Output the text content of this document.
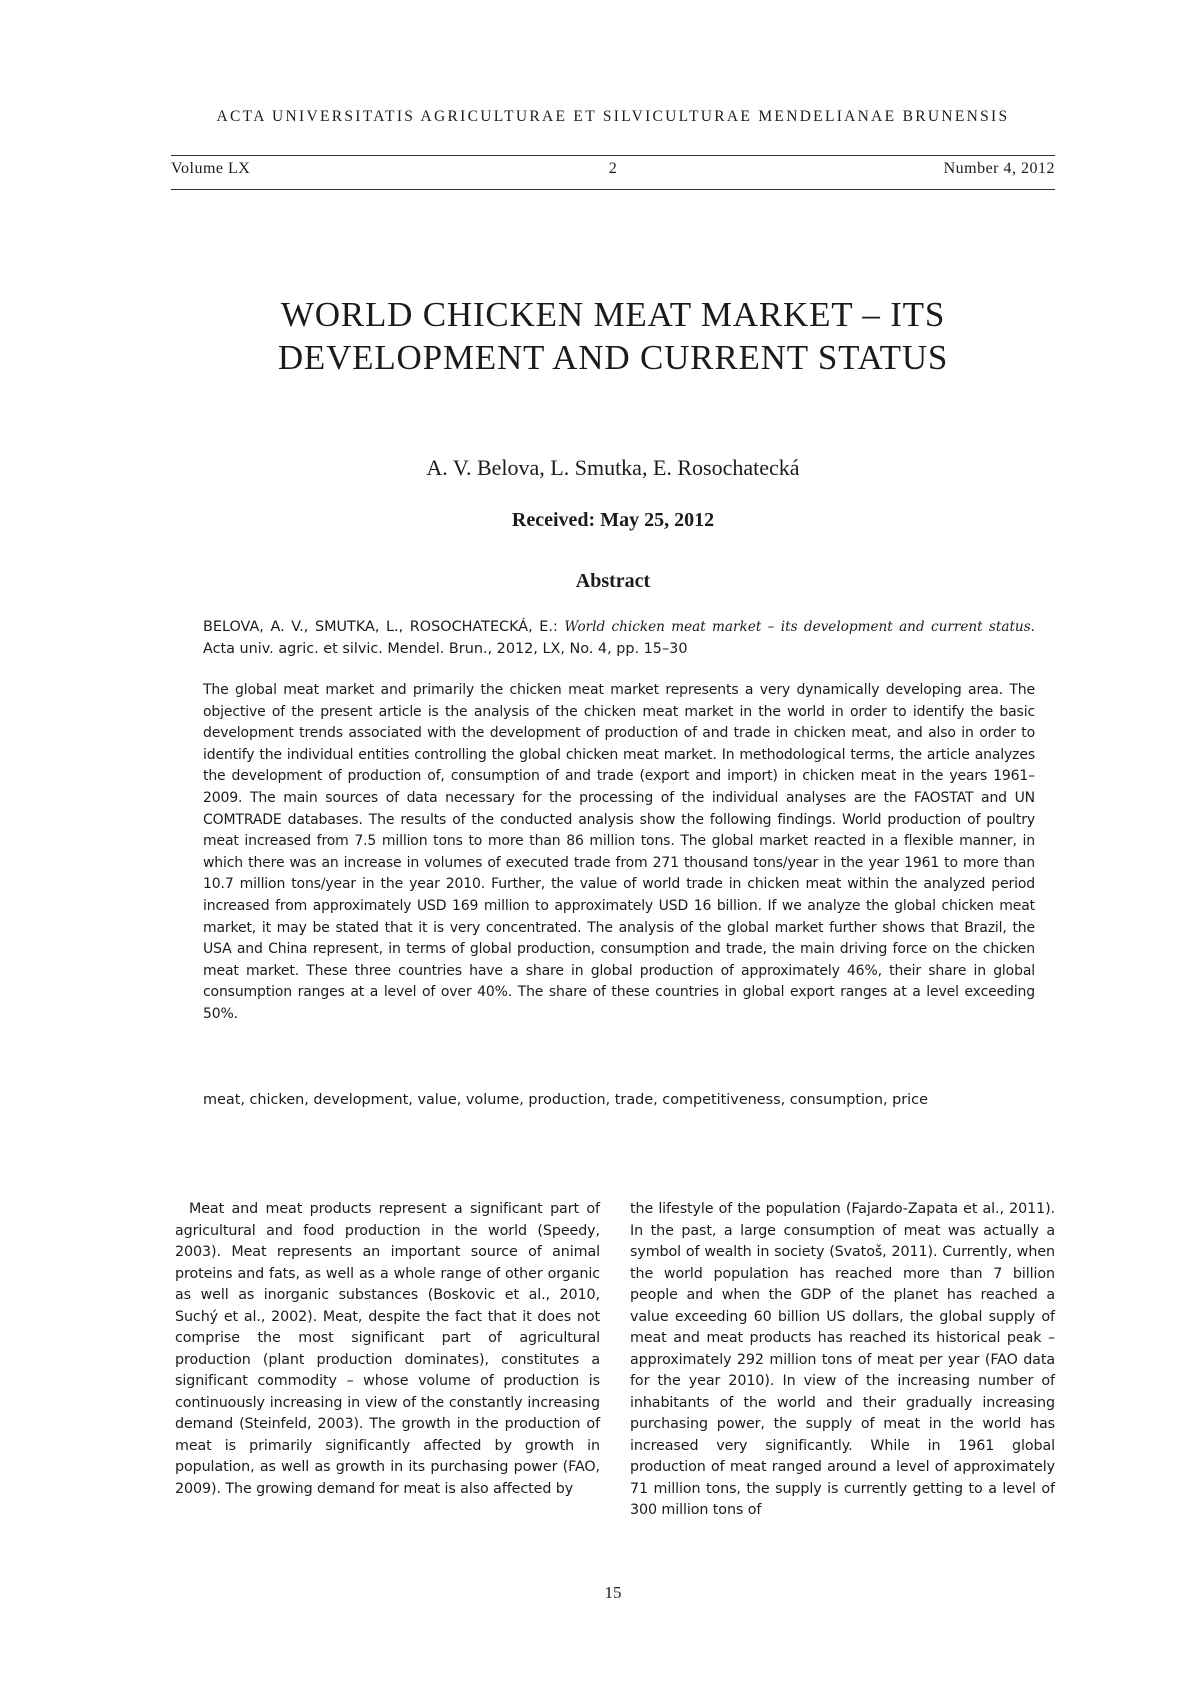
ACTA UNIVERSITATIS AGRICULTURAE ET SILVICULTURAE MENDELIANAE BRUNENSIS
Volume LX	2	Number 4, 2012
WORLD CHICKEN MEAT MARKET – ITS
DEVELOPMENT AND CURRENT STATUS
A. V. Belova, L. Smutka, E. Rosochatecká
Received: May 25, 2012
Abstract
BELOVA, A. V., SMUTKA, L., ROSOCHATECKÁ, E.: World chicken meat market – its development and current status. Acta univ. agric. et silvic. Mendel. Brun., 2012, LX, No. 4, pp. 15–30
The global meat market and primarily the chicken meat market represents a very dynamically developing area. The objective of the present article is the analysis of the chicken meat market in the world in order to identify the basic development trends associated with the development of production of and trade in chicken meat, and also in order to identify the individual entities controlling the global chicken meat market. In methodological terms, the article analyzes the development of production of, consumption of and trade (export and import) in chicken meat in the years 1961–2009. The main sources of data necessary for the processing of the individual analyses are the FAOSTAT and UN COMTRADE databases. The results of the conducted analysis show the following findings. World production of poultry meat increased from 7.5 million tons to more than 86 million tons. The global market reacted in a flexible manner, in which there was an increase in volumes of executed trade from 271 thousand tons/year in the year 1961 to more than 10.7 million tons/year in the year 2010. Further, the value of world trade in chicken meat within the analyzed period increased from approximately USD 169 million to approximately USD 16 billion. If we analyze the global chicken meat market, it may be stated that it is very concentrated. The analysis of the global market further shows that Brazil, the USA and China represent, in terms of global production, consumption and trade, the main driving force on the chicken meat market. These three countries have a share in global production of approximately 46%, their share in global consumption ranges at a level of over 40%. The share of these countries in global export ranges at a level exceeding 50%.
meat, chicken, development, value, volume, production, trade, competitiveness, consumption, price
Meat and meat products represent a significant part of agricultural and food production in the world (Speedy, 2003). Meat represents an important source of animal proteins and fats, as well as a whole range of other organic as well as inorganic substances (Boskovic et al., 2010, Suchý et al., 2002). Meat, despite the fact that it does not comprise the most significant part of agricultural production (plant production dominates), constitutes a significant commodity – whose volume of production is continuously increasing in view of the constantly increasing demand (Steinfeld, 2003). The growth in the production of meat is primarily significantly affected by growth in population, as well as growth in its purchasing power (FAO, 2009). The growing demand for meat is also affected by
the lifestyle of the population (Fajardo-Zapata et al., 2011). In the past, a large consumption of meat was actually a symbol of wealth in society (Svatoš, 2011). Currently, when the world population has reached more than 7 billion people and when the GDP of the planet has reached a value exceeding 60 billion US dollars, the global supply of meat and meat products has reached its historical peak – approximately 292 million tons of meat per year (FAO data for the year 2010). In view of the increasing number of inhabitants of the world and their gradually increasing purchasing power, the supply of meat in the world has increased very significantly. While in 1961 global production of meat ranged around a level of approximately 71 million tons, the supply is currently getting to a level of 300 million tons of
15
